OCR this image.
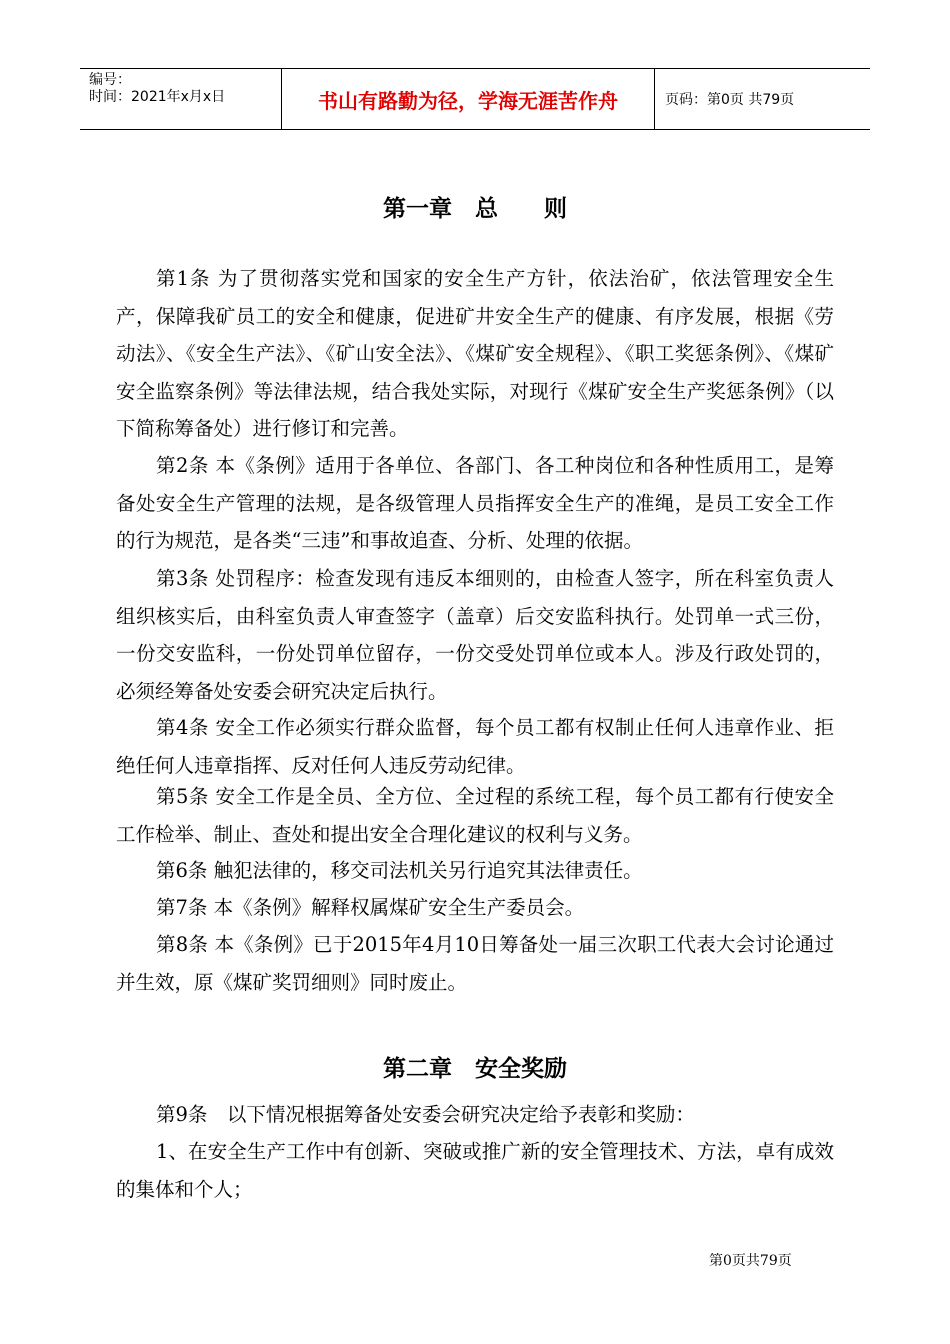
编号：
时间：2021年x月x日	书山有路勤为径，学海无涯苦作舟	页码：第0页 共79页
第一章　总　　则

第1条 为了贯彻落实党和国家的安全生产方针，依法治矿，依法管理安全生产，保障我矿员工的安全和健康，促进矿井安全生产的健康、有序发展，根据《劳动法》、《安全生产法》、《矿山安全法》、《煤矿安全规程》、《职工奖惩条例》、《煤矿安全监察条例》等法律法规，结合我处实际，对现行《煤矿安全生产奖惩条例》（以下简称筹备处）进行修订和完善。

第2条 本《条例》适用于各单位、各部门、各工种岗位和各种性质用工，是筹备处安全生产管理的法规，是各级管理人员指挥安全生产的准绳，是员工安全工作的行为规范，是各类“三违”和事故追查、分析、处理的依据。

第3条 处罚程序：检查发现有违反本细则的，由检查人签字，所在科室负责人组织核实后，由科室负责人审查签字（盖章）后交安监科执行。处罚单一式三份，一份交安监科，一份处罚单位留存，一份交受处罚单位或本人。涉及行政处罚的，必须经筹备处安委会研究决定后执行。

第4条 安全工作必须实行群众监督，每个员工都有权制止任何人违章作业、拒绝任何人违章指挥、反对任何人违反劳动纪律。

第5条 安全工作是全员、全方位、全过程的系统工程，每个员工都有行使安全工作检举、制止、查处和提出安全合理化建议的权利与义务。

第6条 触犯法律的，移交司法机关另行追究其法律责任。

第7条 本《条例》解释权属煤矿安全生产委员会。

第8条 本《条例》已于2015年4月10日筹备处一届三次职工代表大会讨论通过并生效，原《煤矿奖罚细则》同时废止。

第二章　安全奖励

第9条　以下情况根据筹备处安委会研究决定给予表彰和奖励：

1、在安全生产工作中有创新、突破或推广新的安全管理技术、方法，卓有成效的集体和个人；

第0页共79页
